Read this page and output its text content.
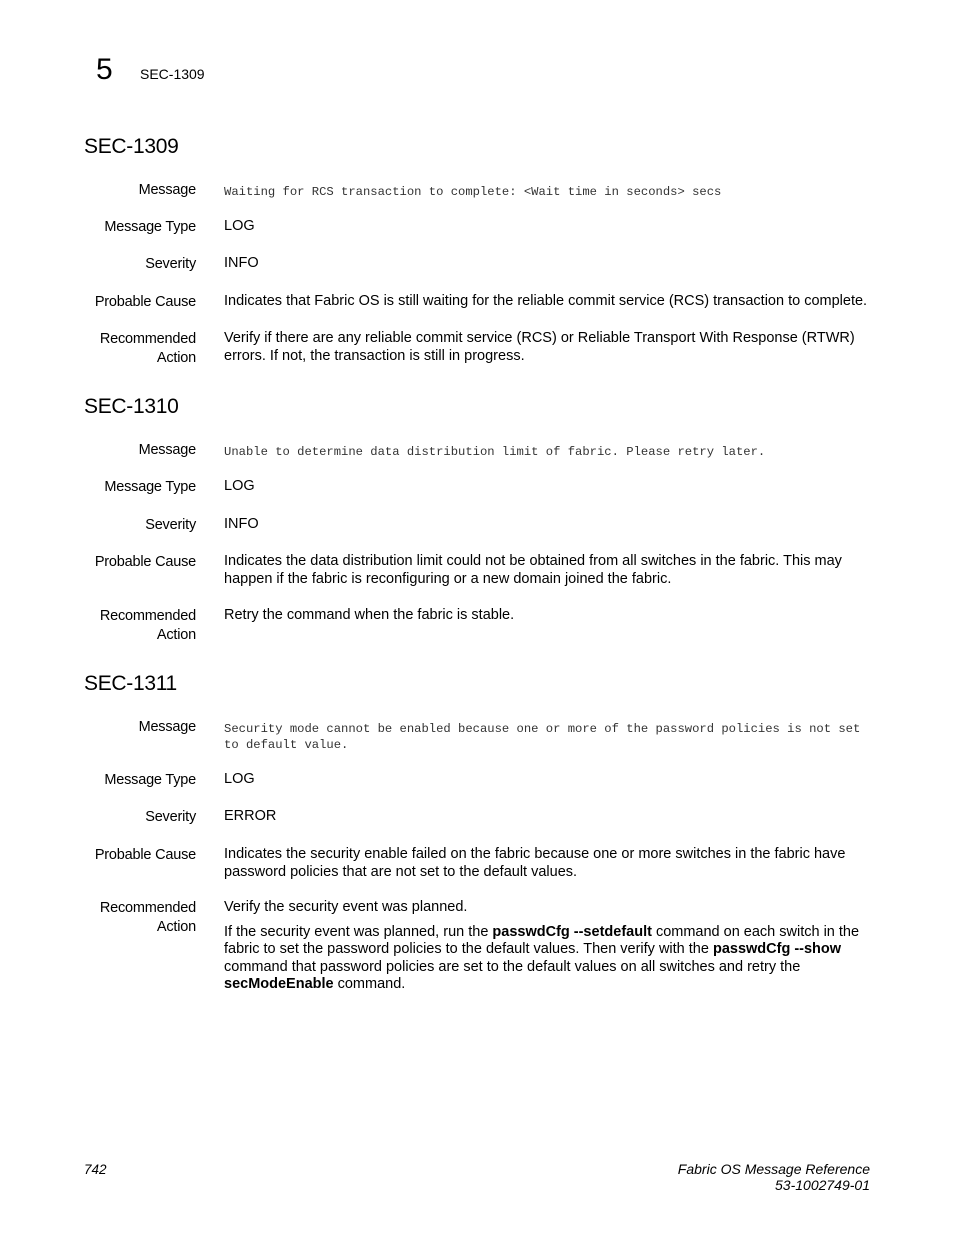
5 SEC-1309
SEC-1309
Message Waiting for RCS transaction to complete: <Wait time in seconds> secs
Message Type LOG
Severity INFO
Probable Cause Indicates that Fabric OS is still waiting for the reliable commit service (RCS) transaction to complete.
Recommended
Action
Verify if there are any reliable commit service (RCS) or Reliable Transport With Response (RTWR) errors. If not, the transaction is still in progress.
SEC-1310
Message Unable to determine data distribution limit of fabric. Please retry later.
Message Type LOG
Severity INFO
Probable Cause Indicates the data distribution limit could not be obtained from all switches in the fabric. This may happen if the fabric is reconfiguring or a new domain joined the fabric.
Recommended
Action
Retry the command when the fabric is stable.
SEC-1311
Message Security mode cannot be enabled because one or more of the password policies is not set to default value.
Message Type LOG
Severity ERROR
Probable Cause Indicates the security enable failed on the fabric because one or more switches in the fabric have password policies that are not set to the default values.
Recommended
Action

Verify the security event was planned.

If the security event was planned, run the passwdCfg --setdefault command on each switch in the fabric to set the password policies to the default values. Then verify with the passwdCfg --show command that password policies are set to the default values on all switches and retry the secModeEnable command.

742	Fabric OS Message Reference
53-1002749-01
